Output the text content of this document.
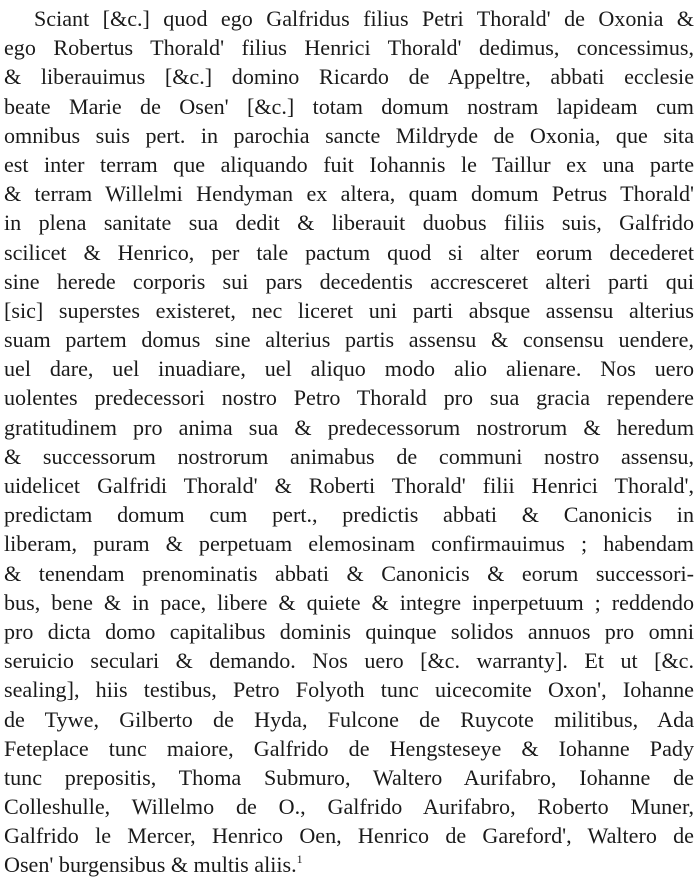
Sciant [&c.] quod ego Galfridus filius Petri Thorald' de Oxonia &
ego Robertus Thorald' filius Henrici Thorald' dedimus, concessimus,
& liberauimus [&c.] domino Ricardo de Appeltre, abbati ecclesie
beate Marie de Osen' [&c.] totam domum nostram lapideam cum
omnibus suis pert. in parochia sancte Mildryde de Oxonia, que sita
est inter terram que aliquando fuit Iohannis le Taillur ex una parte
& terram Willelmi Hendyman ex altera, quam domum Petrus Thorald'
in plena sanitate sua dedit & liberauit duobus filiis suis, Galfrido
scilicet & Henrico, per tale pactum quod si alter eorum decederet
sine herede corporis sui pars decedentis accresceret alteri parti qui
[sic] superstes existeret, nec liceret uni parti absque assensu alterius
suam partem domus sine alterius partis assensu & consensu uendere,
uel dare, uel inuadiare, uel aliquo modo alio alienare. Nos uero
uolentes predecessori nostro Petro Thorald pro sua gracia rependere
gratitudinem pro anima sua & predecessorum nostrorum & heredum
& successorum nostrorum animabus de communi nostro assensu,
uidelicet Galfridi Thorald' & Roberti Thorald' filii Henrici Thorald',
predictam domum cum pert., predictis abbati & Canonicis in
liberam, puram & perpetuam elemosinam confirmauimus ; habendam
& tenendam prenominatis abbati & Canonicis & eorum successori-
bus, bene & in pace, libere & quiete & integre inperpetuum ; reddendo
pro dicta domo capitalibus dominis quinque solidos annuos pro omni
seruicio seculari & demando. Nos uero [&c. warranty]. Et ut [&c.
sealing], hiis testibus, Petro Folyoth tunc uicecomite Oxon', Iohanne
de Tywe, Gilberto de Hyda, Fulcone de Ruycote militibus, Ada
Feteplace tunc maiore, Galfrido de Hengsteseye & Iohanne Pady
tunc prepositis, Thoma Submuro, Waltero Aurifabro, Iohanne de
Colleshulle, Willelmo de O., Galfrido Aurifabro, Roberto Muner,
Galfrido le Mercer, Henrico Oen, Henrico de Gareford', Waltero de
Osen' burgensibus & multis aliis.$^1$
